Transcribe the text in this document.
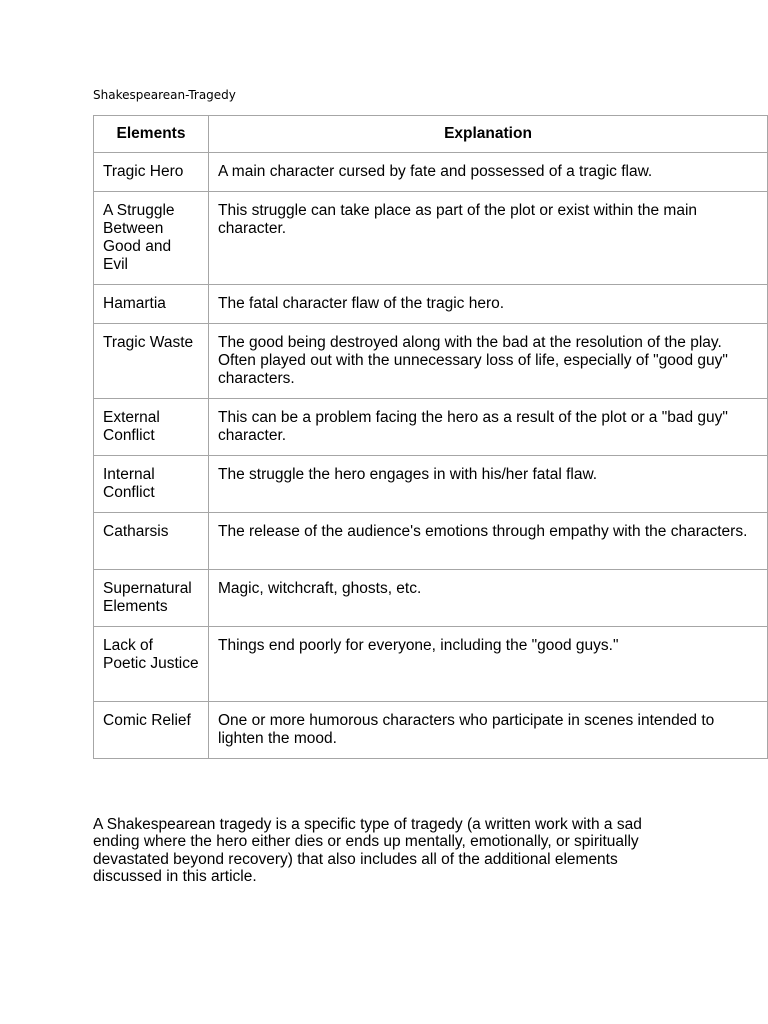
Shakespearean-Tragedy
Elements	Explanation
Tragic Hero	A main character cursed by fate and possessed of a tragic flaw.
A Struggle Between Good and Evil	This struggle can take place as part of the plot or exist within the main character.
Hamartia	The fatal character flaw of the tragic hero.
Tragic Waste	The good being destroyed along with the bad at the resolution of the play. Often played out with the unnecessary loss of life, especially of "good guy" characters.
External Conflict	This can be a problem facing the hero as a result of the plot or a "bad guy" character.
Internal Conflict	The struggle the hero engages in with his/her fatal flaw.
Catharsis	The release of the audience's emotions through empathy with the characters.
Supernatural Elements	Magic, witchcraft, ghosts, etc.
Lack of Poetic Justice	Things end poorly for everyone, including the "good guys."
Comic Relief	One or more humorous characters who participate in scenes intended to lighten the mood.

A Shakespearean tragedy is a specific type of tragedy (a written work with a sad ending where the hero either dies or ends up mentally, emotionally, or spiritually devastated beyond recovery) that also includes all of the additional elements discussed in this article.
